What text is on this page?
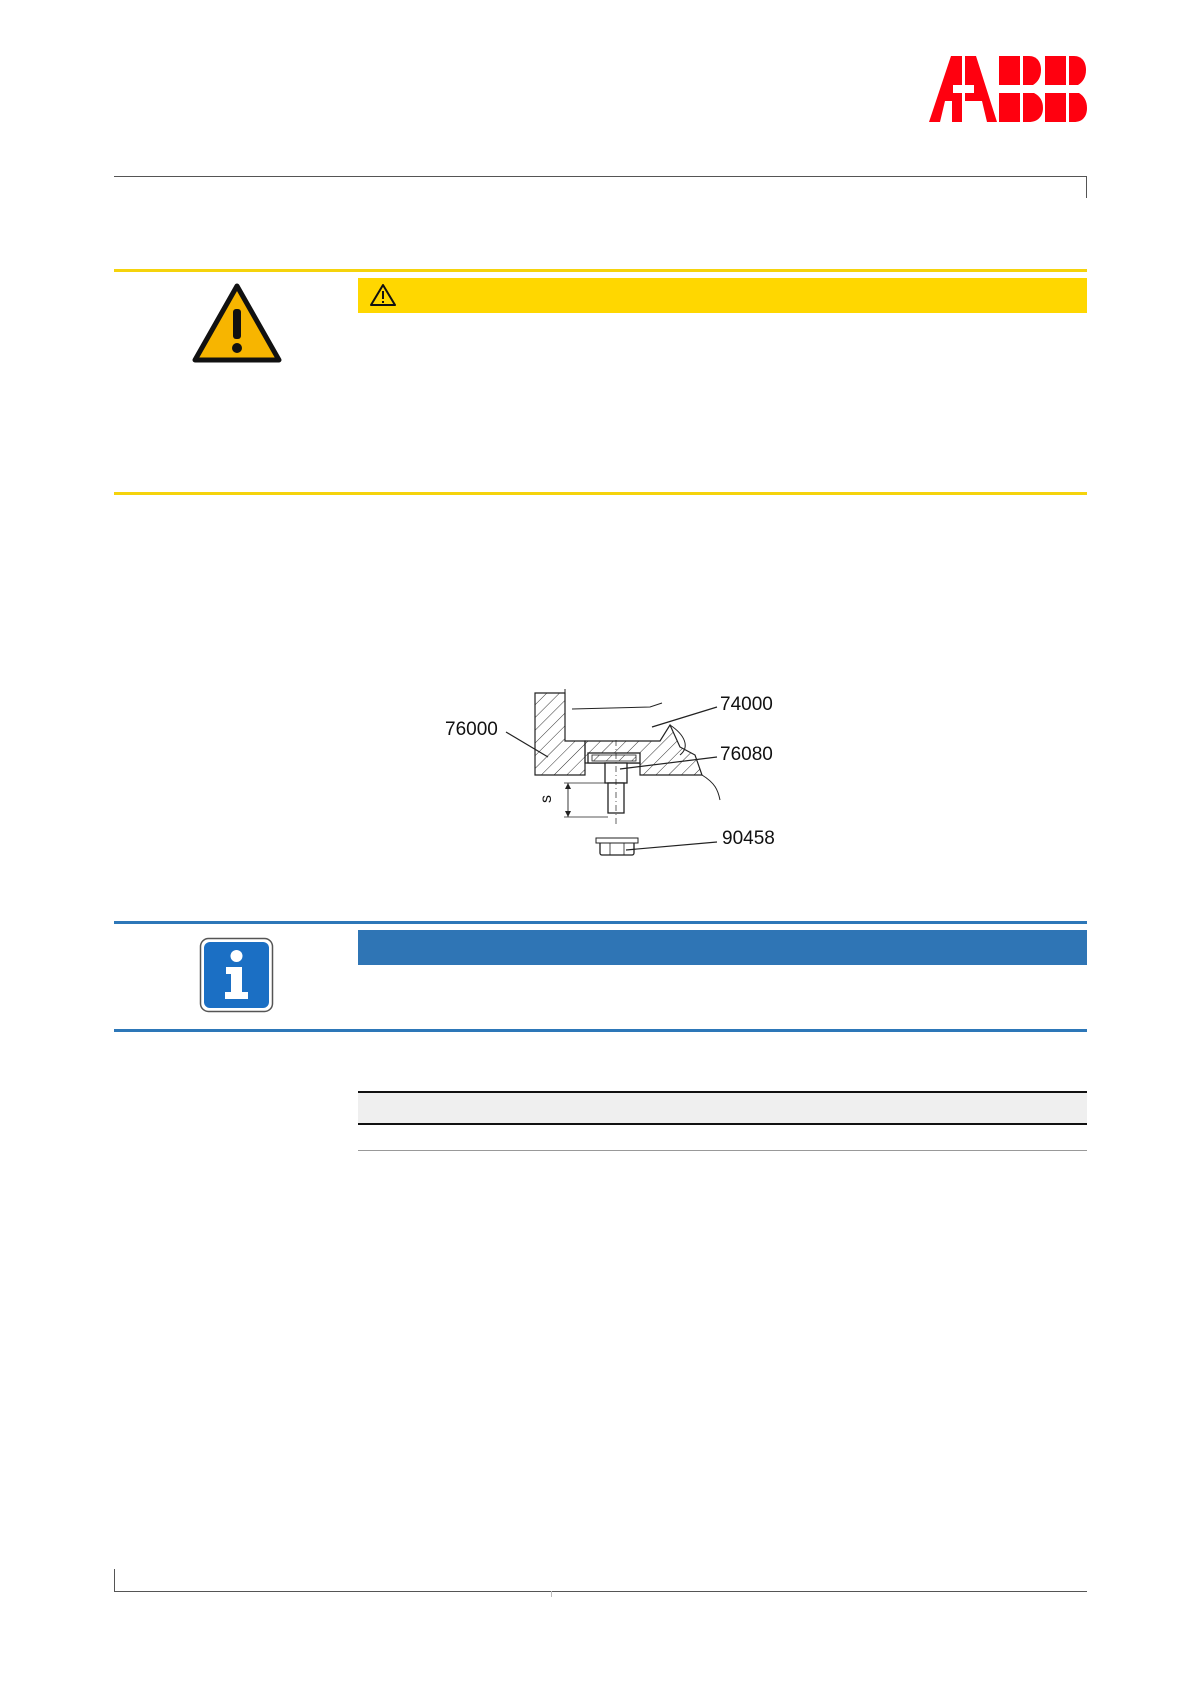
74000
76000
76080
90458
s
